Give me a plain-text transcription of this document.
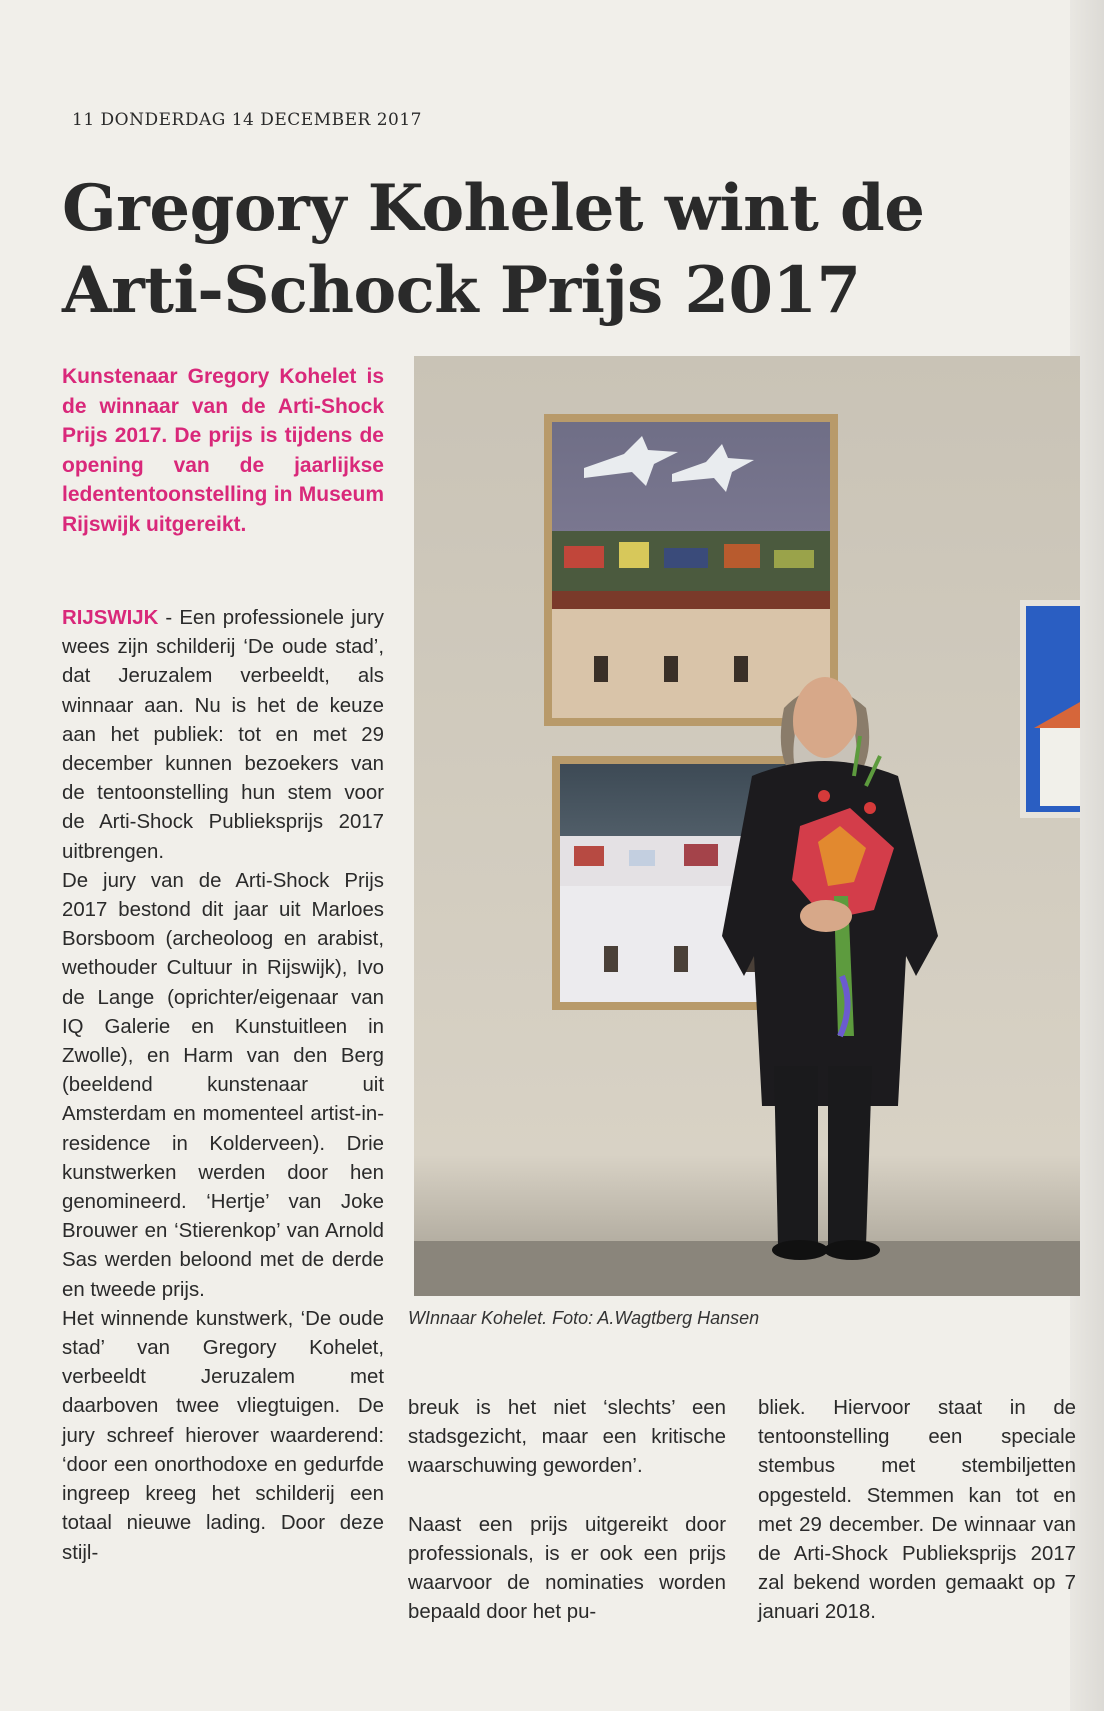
11 DONDERDAG 14 DECEMBER 2017
Gregory Kohelet wint de
Arti-Schock Prijs 2017
Kunstenaar Gregory Kohelet is de winnaar van de Arti-Shock Prijs 2017. De prijs is tijdens de opening van de jaarlijkse ledententoonstelling in Museum Rijswijk uitgereikt.

RIJSWIJK - Een professionele jury wees zijn schilderij ‘De oude stad’, dat Jeruzalem verbeeldt, als winnaar aan. Nu is het de keuze aan het publiek: tot en met 29 december kunnen bezoekers van de tentoonstelling hun stem voor de Arti-Shock Publieksprijs 2017 uitbrengen.

De jury van de Arti-Shock Prijs 2017 bestond dit jaar uit Marloes Borsboom (archeoloog en arabist, wethouder Cultuur in Rijswijk), Ivo de Lange (oprichter/eigenaar van IQ Galerie en Kunstuitleen in Zwolle), en Harm van den Berg (beeldend kunstenaar uit Amsterdam en momenteel artist-in-residence in Kolderveen). Drie kunstwerken werden door hen genomineerd. ‘Hertje’ van Joke Brouwer en ‘Stierenkop’ van Arnold Sas werden beloond met de derde en tweede prijs.

Het winnende kunstwerk, ‘De oude stad’ van Gregory Kohelet, verbeeldt Jeruzalem met daarboven twee vliegtuigen. De jury schreef hierover waarderend: ‘door een onorthodoxe en gedurfde ingreep kreeg het schilderij een totaal nieuwe lading. Door deze stijl-

WInnaar Kohelet. Foto: A.Wagtberg Hansen

breuk is het niet ‘slechts’ een stadsgezicht, maar een kritische waarschuwing geworden’.

Naast een prijs uitgereikt door professionals, is er ook een prijs waarvoor de nominaties worden bepaald door het pu-

bliek. Hiervoor staat in de tentoonstelling een speciale stembus met stembiljetten opgesteld. Stemmen kan tot en met 29 december. De winnaar van de Arti-Shock Publieksprijs 2017 zal bekend worden gemaakt op 7 januari 2018.
